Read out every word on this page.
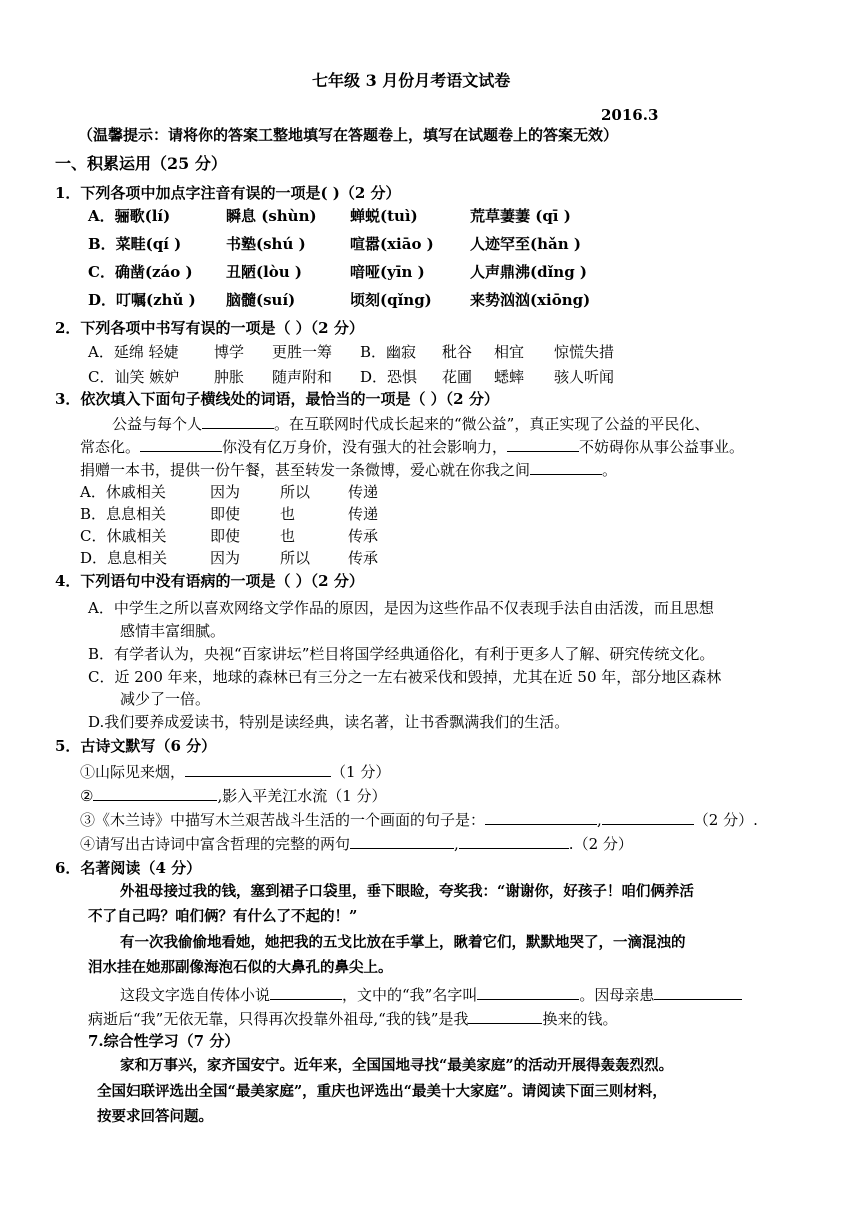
七年级 3 月份月考语文试卷
2016.3
（温馨提示：请将你的答案工整地填写在答题卷上，填写在试题卷上的答案无效）
一、积累运用（25 分）
1．下列各项中加点字注音有误的一项是( )（2 分）
A．骊歌(lí)	瞬息 (shùn) 蝉蜕(tuì)	荒草萋萋 (qī )
B．菜畦(qí )	书塾(shú )	喧嚣(xiāo ) 人迹罕至(hǎn )
C．确凿(záo ) 丑陋(lòu )	喑哑(yīn )	人声鼎沸(dǐng )
D．叮嘱(zhǔ ) 脑髓(suí)	顷刻(qǐng)	来势汹汹(xiōng)
2．下列各项中书写有误的一项是（ ）（2 分）
A．延绵 轻婕 博学 更胜一筹 B．幽寂 秕谷 相宜 惊慌失措
C．讪笑 嫉妒 肿胀 随声附和 D．恐惧 花圃 蟋蟀 骇人听闻
3．依次填入下面句子横线处的词语，最恰当的一项是（ ）（2 分）
公益与每个人	。在互联网时代成长起来的“微公益”，真正实现了公益的平民化、
常态化。	你没有亿万身价，没有强大的社会影响力，	不妨碍你从事公益事业。
捐赠一本书，提供一份午餐，甚至转发一条微博，爱心就在你我之间	。
A．休戚相关	因为	所以	传递
B．息息相关	即使	也	传递
C．休戚相关	即使	也	传承
D．息息相关	因为	所以	传承
4．下列语句中没有语病的一项是（ ）（2 分）
A．中学生之所以喜欢网络文学作品的原因，是因为这些作品不仅表现手法自由活泼，而且思想
感情丰富细腻。
B．有学者认为，央视“百家讲坛”栏目将国学经典通俗化，有利于更多人了解、研究传统文化。
C．近 200 年来，地球的森林已有三分之一左右被采伐和毁掉，尤其在近 50 年，部分地区森林
减少了一倍。
D.我们要养成爱读书，特别是读经典，读名著，让书香飘满我们的生活。
5．古诗文默写（6 分）
①山际见来烟，	（1 分）
②	,影入平羌江水流（1 分）
③《木兰诗》中描写木兰艰苦战斗生活的一个画面的句子是：	,	（2 分）.
④请写出古诗词中富含哲理的完整的两句	,	.（2 分）
6．名著阅读（4 分）
外祖母接过我的钱，塞到裙子口袋里，垂下眼睑，夸奖我：“谢谢你，好孩子！咱们俩养活
不了自己吗？咱们俩？有什么了不起的！”
有一次我偷偷地看她，她把我的五戈比放在手掌上，瞅着它们，默默地哭了，一滴混浊的
泪水挂在她那副像海泡石似的大鼻孔的鼻尖上。
这段文字选自传体小说	，文中的“我”名字叫	。因母亲患
病逝后“我”无依无靠，只得再次投靠外祖母,“我的钱”是我	换来的钱。
7.综合性学习（7 分）
家和万事兴，家齐国安宁。近年来，全国国地寻找“最美家庭”的活动开展得轰轰烈烈。
全国妇联评选出全国“最美家庭”，重庆也评选出“最美十大家庭”。请阅读下面三则材料，
按要求回答问题。
